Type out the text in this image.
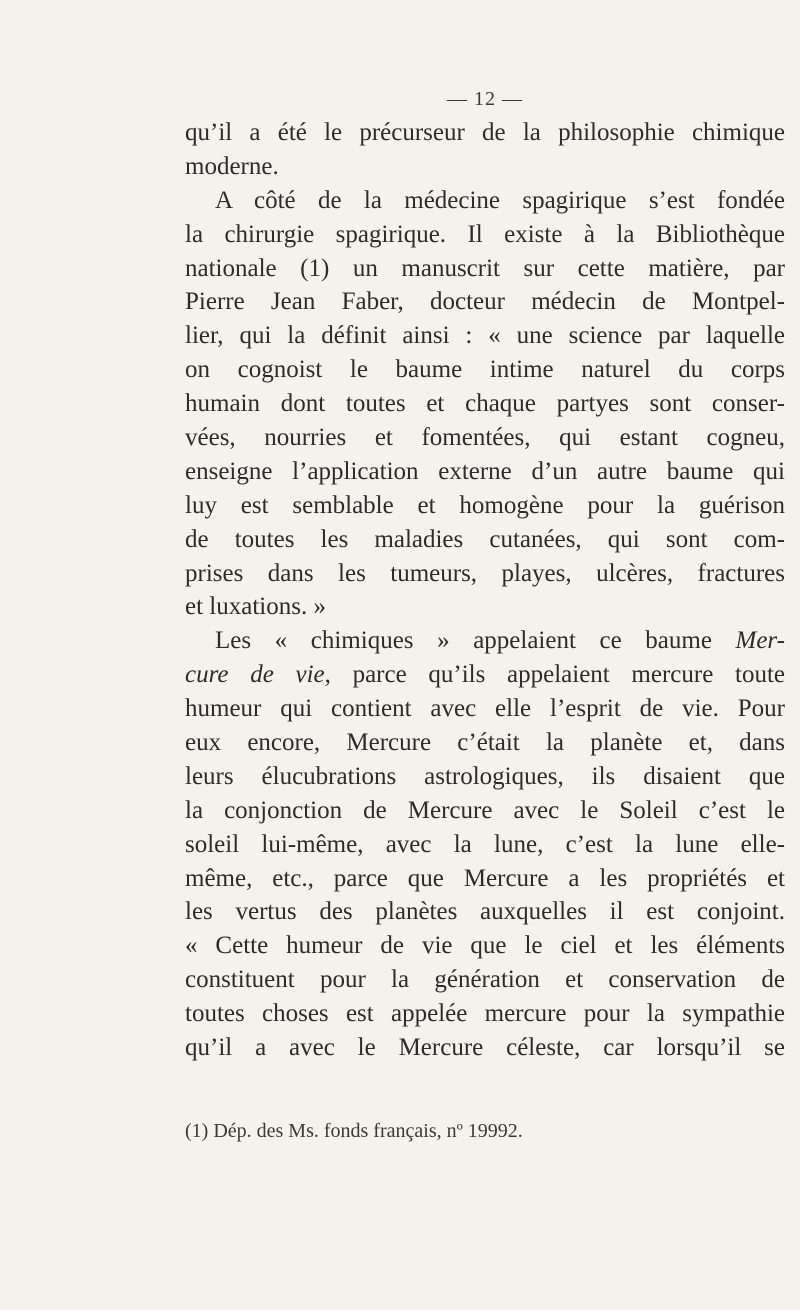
— 12 —
qu’il a été le précurseur de la philosophie chimique
moderne.
A côté de la médecine spagirique s’est fondée
la chirurgie spagirique. Il existe à la Bibliothèque
nationale (1) un manuscrit sur cette matière, par
Pierre Jean Faber, docteur médecin de Montpel-
lier, qui la définit ainsi : « une science par laquelle
on cognoist le baume intime naturel du corps
humain dont toutes et chaque partyes sont conser-
vées, nourries et fomentées, qui estant cogneu,
enseigne l’application externe d’un autre baume qui
luy est semblable et homogène pour la guérison
de toutes les maladies cutanées, qui sont com-
prises dans les tumeurs, playes, ulcères, fractures
et luxations. »
Les « chimiques » appelaient ce baume Mer-
cure de vie, parce qu’ils appelaient mercure toute
humeur qui contient avec elle l’esprit de vie. Pour
eux encore, Mercure c’était la planète et, dans
leurs élucubrations astrologiques, ils disaient que
la conjonction de Mercure avec le Soleil c’est le
soleil lui-même, avec la lune, c’est la lune elle-
même, etc., parce que Mercure a les propriétés et
les vertus des planètes auxquelles il est conjoint.
« Cette humeur de vie que le ciel et les éléments
constituent pour la génération et conservation de
toutes choses est appelée mercure pour la sympathie
qu’il a avec le Mercure céleste, car lorsqu’il se
(1) Dép. des Ms. fonds français, nº 19992.
